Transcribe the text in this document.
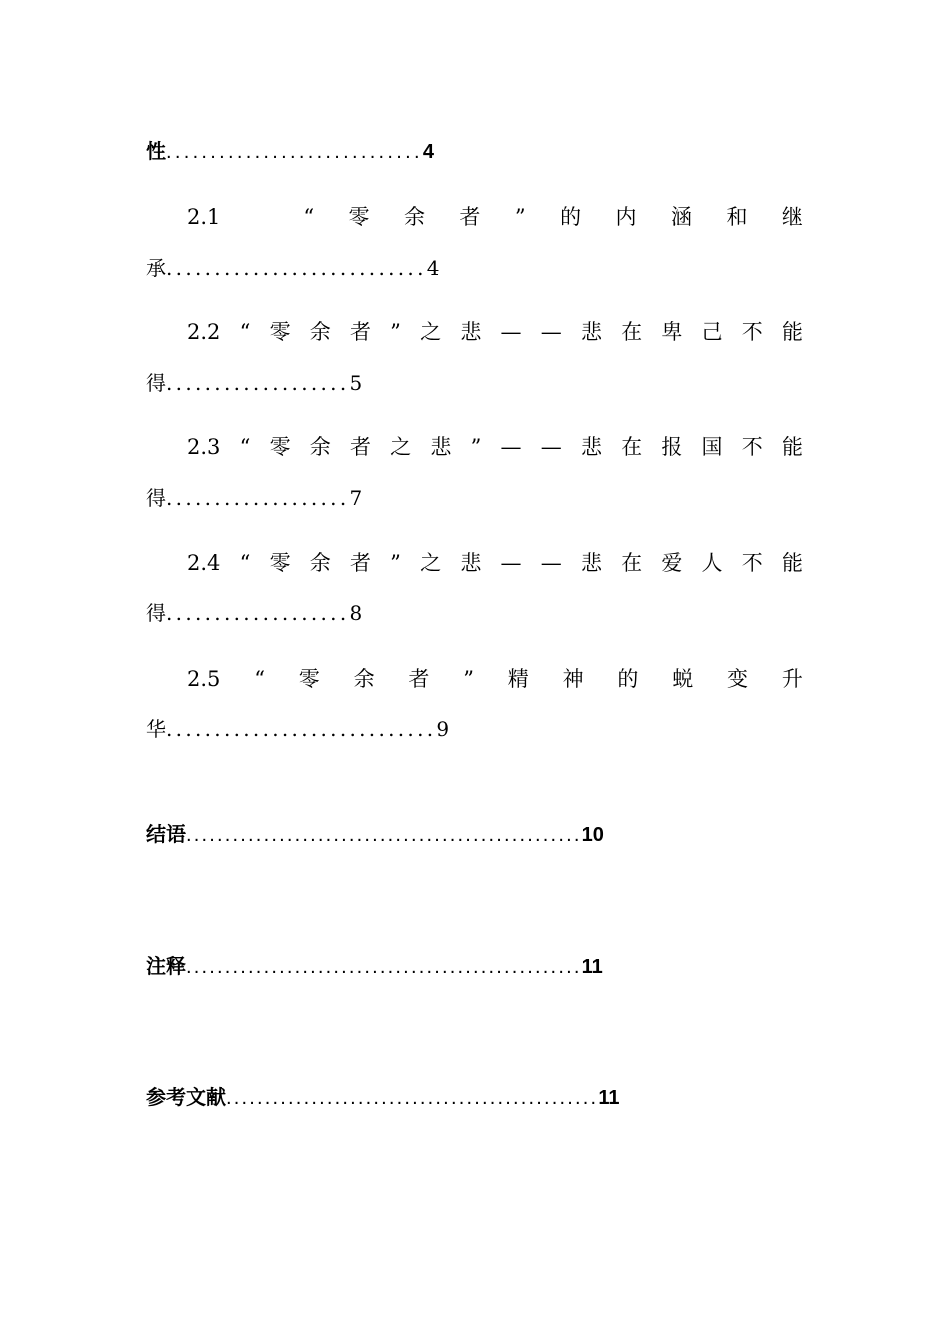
性.............................4
2.1	“ 零 余 者 ” 的 内 涵 和 继
承...........................4
2.2 “ 零 余 者 ” 之 悲 — — 悲 在 卑 己 不 能
得...................5
2.3 “ 零 余 者 之 悲 ” — — 悲 在 报 国 不 能
得...................7
2.4 “ 零 余 者 ” 之 悲 — — 悲 在 爱 人 不 能
得...................8
2.5 “ 零 余 者 ” 精 神 的 蜕 变 升
华............................9
结语...................................................10
注释...................................................11
参考文献................................................11
